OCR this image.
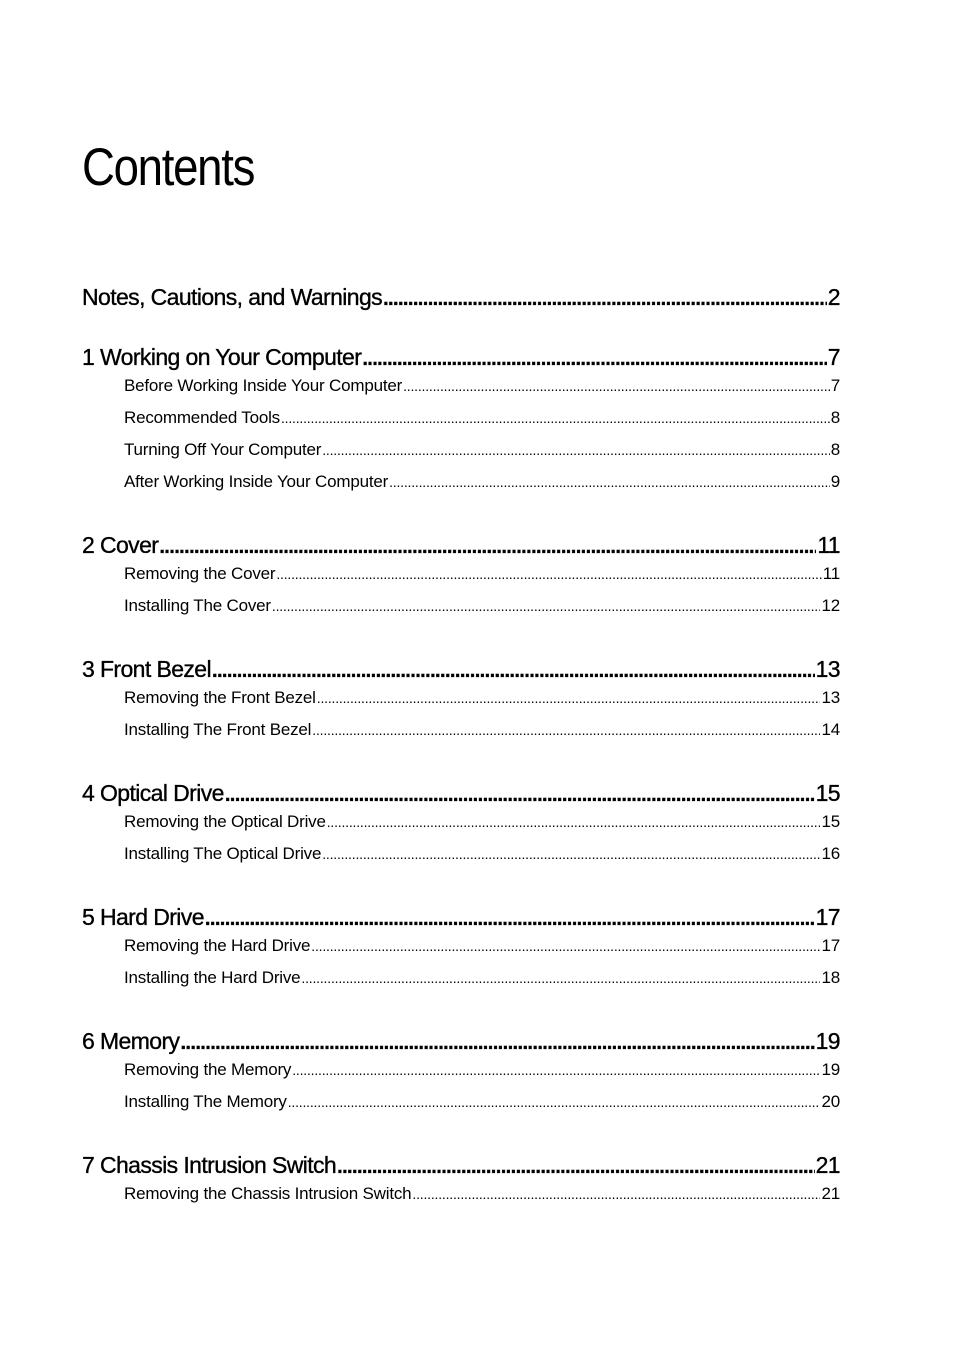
Contents
Notes, Cautions, and Warnings .....	2
1 Working on Your Computer .....	7
Before Working Inside Your Computer .....	7
Recommended Tools .....	8
Turning Off Your Computer .....	8
After Working Inside Your Computer .....	9
2 Cover .....	11
Removing the Cover .....	11
Installing The Cover .....	12
3 Front Bezel .....	13
Removing the Front Bezel .....	13
Installing The Front Bezel .....	14
4 Optical Drive .....	15
Removing the Optical Drive .....	15
Installing The Optical Drive .....	16
5 Hard Drive .....	17
Removing the Hard Drive .....	17
Installing the Hard Drive .....	18
6 Memory .....	19
Removing the Memory .....	19
Installing The Memory .....	20
7 Chassis Intrusion Switch .....	21
Removing the Chassis Intrusion Switch .....	21
